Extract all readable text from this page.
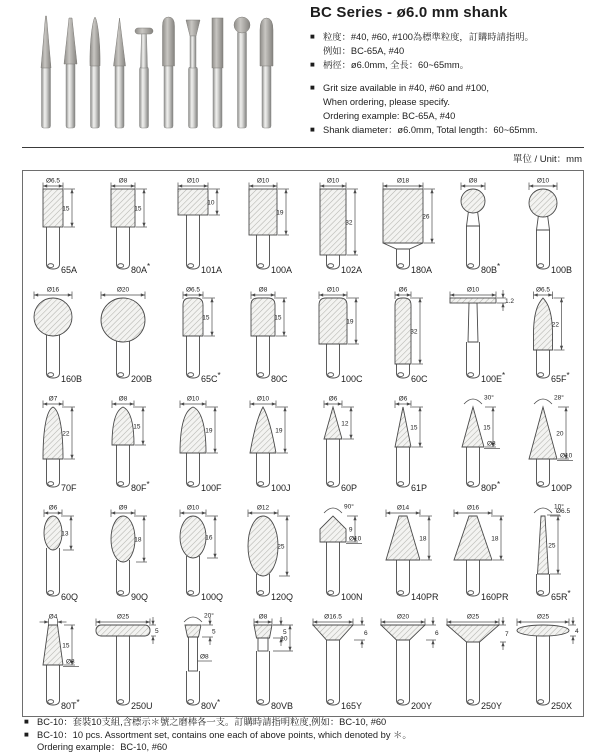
BC Series - ø6.0 mm shank
■ 粒度：#40, #60, #100為標準粒度，訂購時請指明。
例如：BC-65A, #40
■ 柄徑：ø6.0mm, 全長：60~65mm。
■ Grit size available in #40, #60 and #100,
When ordering, please specify.
Ordering example: BC-65A, #40
■ Shank diameter：ø6.0mm, Total length：60~65mm.
單位 / Unit：mm
Ø6.5
15
65A
Ø8
15
80A*
Ø10
10
101A
Ø10
19
100A
Ø10
32
102A
Ø18
26
180A
Ø8
80B*
Ø10
100B
Ø16
160B
Ø20
200B
Ø6.5
15
65C*
Ø8
15
80C
Ø10
19
100C
Ø6
32
60C
Ø10
1.2
100E*
Ø6.5
22
65F*
Ø7
22
70F
Ø8
15
80F*
Ø10
19
100F
Ø10
19
100J
Ø6
12
60P
Ø6
15
61P
15
30°
Ø8
80P*
20
28°
Ø10
100P
Ø6
13
60Q
Ø9
18
90Q
Ø10
16
100Q
Ø12
25
120Q
9
90°
Ø10
100N
Ø14
18
140PR
Ø16
18
160PR
25
10°
Ø6.5
65R*
Ø4
15
Ø8
80T*
Ø25
5
250U
5
20°
Ø8
80V*
Ø8
5
10
80VB
Ø16.5
6
165Y
Ø20
6
200Y
Ø25
7
250Y
Ø25
4
250X
■ BC-10：套裝10支組,含標示＊號之磨棒各一支。訂購時請指明粒度,例如：BC-10, #60
■ BC-10：10 pcs. Assortment set, contains one each of above points, which denoted by ＊。
Ordering example：BC-10, #60
